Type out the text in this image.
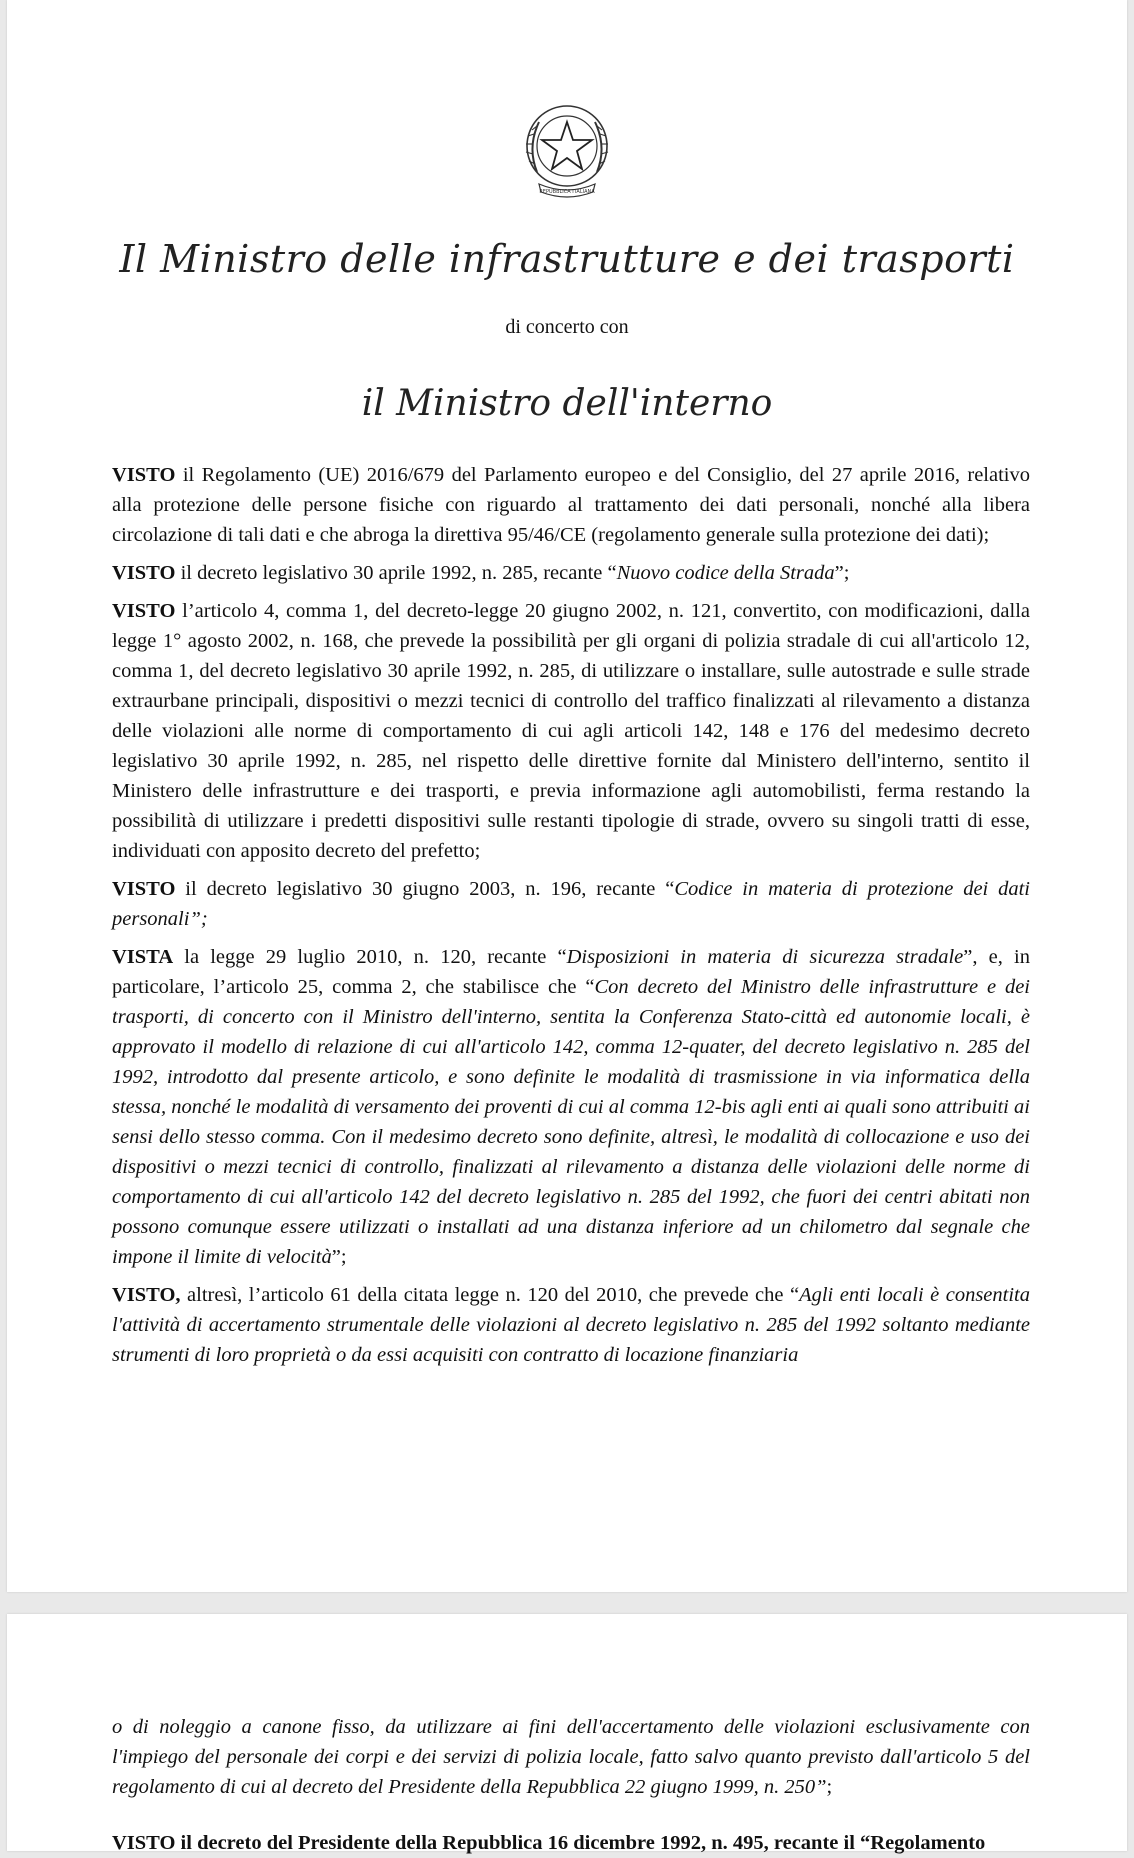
REPUBBLICA ITALIANA
Il Ministro delle infrastrutture e dei trasporti
di concerto con
il Ministro dell'interno

VISTO il Regolamento (UE) 2016/679 del Parlamento europeo e del Consiglio, del 27 aprile 2016, relativo alla protezione delle persone fisiche con riguardo al trattamento dei dati personali, nonché alla libera circolazione di tali dati e che abroga la direttiva 95/46/CE (regolamento generale sulla protezione dei dati);

VISTO il decreto legislativo 30 aprile 1992, n. 285, recante “Nuovo codice della Strada”;

VISTO l’articolo 4, comma 1, del decreto-legge 20 giugno 2002, n. 121, convertito, con modificazioni, dalla legge 1° agosto 2002, n. 168, che prevede la possibilità per gli organi di polizia stradale di cui all'articolo 12, comma 1, del decreto legislativo 30 aprile 1992, n. 285, di utilizzare o installare, sulle autostrade e sulle strade extraurbane principali, dispositivi o mezzi tecnici di controllo del traffico finalizzati al rilevamento a distanza delle violazioni alle norme di comportamento di cui agli articoli 142, 148 e 176 del medesimo decreto legislativo 30 aprile 1992, n. 285, nel rispetto delle direttive fornite dal Ministero dell'interno, sentito il Ministero delle infrastrutture e dei trasporti, e previa informazione agli automobilisti, ferma restando la possibilità di utilizzare i predetti dispositivi sulle restanti tipologie di strade, ovvero su singoli tratti di esse, individuati con apposito decreto del prefetto;

VISTO il decreto legislativo 30 giugno 2003, n. 196, recante “Codice in materia di protezione dei dati personali”;

VISTA la legge 29 luglio 2010, n. 120, recante “Disposizioni in materia di sicurezza stradale”, e, in particolare, l’articolo 25, comma 2, che stabilisce che “Con decreto del Ministro delle infrastrutture e dei trasporti, di concerto con il Ministro dell'interno, sentita la Conferenza Stato-città ed autonomie locali, è approvato il modello di relazione di cui all'articolo 142, comma 12-quater, del decreto legislativo n. 285 del 1992, introdotto dal presente articolo, e sono definite le modalità di trasmissione in via informatica della stessa, nonché le modalità di versamento dei proventi di cui al comma 12-bis agli enti ai quali sono attribuiti ai sensi dello stesso comma. Con il medesimo decreto sono definite, altresì, le modalità di collocazione e uso dei dispositivi o mezzi tecnici di controllo, finalizzati al rilevamento a distanza delle violazioni delle norme di comportamento di cui all'articolo 142 del decreto legislativo n. 285 del 1992, che fuori dei centri abitati non possono comunque essere utilizzati o installati ad una distanza inferiore ad un chilometro dal segnale che impone il limite di velocità”;

VISTO, altresì, l’articolo 61 della citata legge n. 120 del 2010, che prevede che “Agli enti locali è consentita l'attività di accertamento strumentale delle violazioni al decreto legislativo n. 285 del 1992 soltanto mediante strumenti di loro proprietà o da essi acquisiti con contratto di locazione finanziaria

o di noleggio a canone fisso, da utilizzare ai fini dell'accertamento delle violazioni esclusivamente con l'impiego del personale dei corpi e dei servizi di polizia locale, fatto salvo quanto previsto dall'articolo 5 del regolamento di cui al decreto del Presidente della Repubblica 22 giugno 1999, n. 250”;

VISTO il decreto del Presidente della Repubblica 16 dicembre 1992, n. 495, recante il “Regolamento
